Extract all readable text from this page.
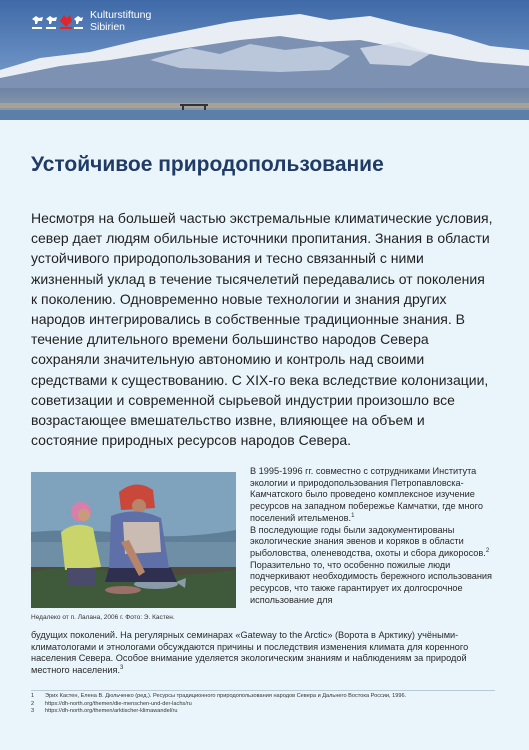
Kulturstiftung
Sibirien
Устойчивое природопользование

Несмотря на большей частью экстремальные климатические условия, север дает людям обильные источники пропитания. Знания в области устойчивого природопользования и тесно связанный с ними жизненный уклад в течение тысячелетий передавались от поколения к поколению. Одновременно новые технологии и знания других народов интегрировались в собственные традиционные знания. В течение длительного времени большинство народов Севера сохраняли значительную автономию и контроль над своими средствами к существованию. С XIX-го века вследствие колонизации, советизации и современной сырьевой индустрии произошло все возрастающее вмешательство извне, влияющее на объем и состояние природных ресурсов народов Севера.

Недалеко от п. Лалана, 2006 г. Фото: Э. Кастен.

В 1995-1996 гг. совместно с сотрудниками Института экологии и природопользования Петропавловска-Камчатского было проведено комплексное изучение ресурсов на западном побережье Камчатки, где много поселений ительменов.$^1$

В последующие годы были задокументированы экологические знания эвенов и коряков в области рыболовства, оленеводства, охоты и сбора дикоросов.$^2$ Поразительно то, что особенно пожилые люди подчеркивают необходимость бережного использования ресурсов, что также гарантирует их долгосрочное использование для

будущих поколений. На регулярных семинарах «Gateway to the Arctic» (Ворота в Арктику) учёными-климатологами и этнологами обсуждаются причины и последствия изменения климата для коренного населения Севера. Особое внимание уделяется экологическим знаниям и наблюдениям за природой местного населения.$^3$

1	Эрих Кастен, Елена В. Дюльченко (ред.). Ресурсы традиционного природопользования народов Севера и Дальнего Востока России, 1996.
2	https://dh-north.org/themen/die-menschen-und-der-lachs/ru
3	https://dh-north.org/themen/arktischer-klimawandel/ru
